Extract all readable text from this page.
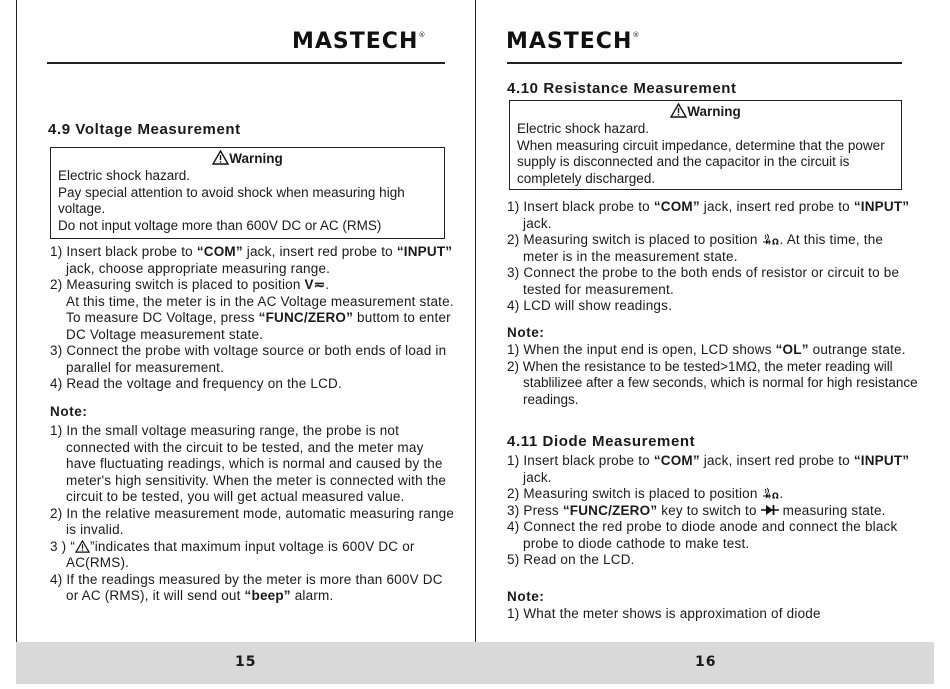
MASTECH®
4.9 Voltage Measurement
Warning

Electric shock hazard.

Pay special attention to avoid shock when measuring high voltage.

Do not input voltage more than 600V DC or AC (RMS)

1) Insert black probe to “COM” jack, insert red probe to “INPUT” jack, choose appropriate measuring range.
2) Measuring switch is placed to position V≂.
At this time, the meter is in the AC Voltage measurement state. To measure DC Voltage, press “FUNC/ZERO” buttom to enter DC Voltage measurement state.
3) Connect the probe with voltage source or both ends of load in parallel for measurement.
4) Read the voltage and frequency on the LCD.
Note:
1) In the small voltage measuring range, the probe is not connected with the circuit to be tested, and the meter may have fluctuating readings, which is normal and caused by the meter's high sensitivity. When the meter is connected with the circuit to be tested, you will get actual measured value.
2) In the relative measurement mode, automatic measuring range is invalid.
3 ) “ ”indicates that maximum input voltage is 600V DC or AC(RMS).
4) If the readings measured by the meter is more than 600V DC or AC (RMS), it will send out “beep” alarm.
15
MASTECH®
4.10 Resistance Measurement
Warning

Electric shock hazard.

When measuring circuit impedance, determine that the power supply is disconnected and the capacitor in the circuit is completely discharged.

1) Insert black probe to “COM” jack, insert red probe to “INPUT” jack.
2) Measuring switch is placed to position Ω . At this time, the meter is in the measurement state.
3) Connect the probe to the both ends of resistor or circuit to be tested for measurement.
4) LCD will show readings.
Note:
1) When the input end is open, LCD shows “OL” outrange state.
2) When the resistance to be tested>1MΩ, the meter reading will stablilizee after a few seconds, which is normal for high resistance readings.
4.11 Diode Measurement
1) Insert black probe to “COM” jack, insert red probe to “INPUT” jack.
2) Measuring switch is placed to position Ω .
3) Press “FUNC/ZERO” key to switch to  measuring state.
4) Connect the red probe to diode anode and connect the black probe to diode cathode to make test.
5) Read on the LCD.
Note:
1) What the meter shows is approximation of diode
16
